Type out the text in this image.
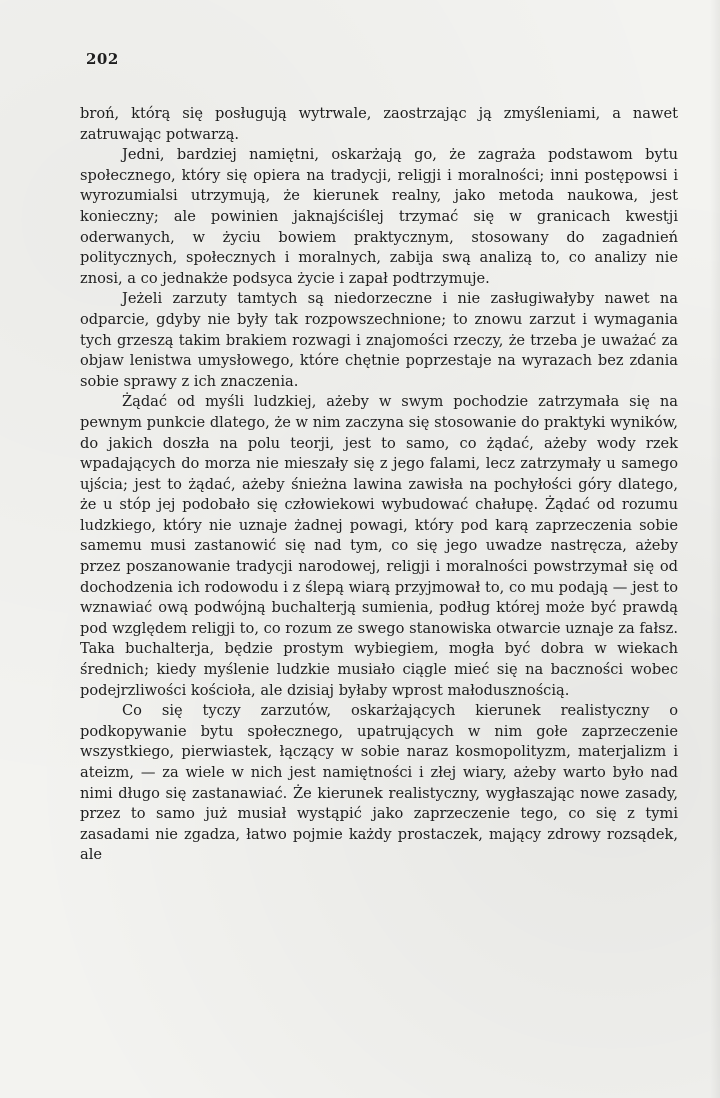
202

broń, którą się posługują wytrwale, zaostrzając ją zmyśleniami, a nawet zatruwając potwarzą.

Jedni, bardziej namiętni, oskarżają go, że zagraża podstawom bytu społecznego, który się opiera na tradycji, religji i moralności; inni postępowsi i wyrozumialsi utrzymują, że kierunek realny, jako metoda naukowa, jest konieczny; ale powinien jaknajściślej trzymać się w granicach kwestji oderwanych, w życiu bowiem praktycznym, stosowany do zagadnień politycznych, społecznych i moralnych, zabija swą analizą to, co analizy nie znosi, a co jednakże podsyca życie i zapał podtrzymuje.

Jeżeli zarzuty tamtych są niedorzeczne i nie zasługiwałyby nawet na odparcie, gdyby nie były tak rozpowszechnione; to znowu zarzut i wymagania tych grzeszą takim brakiem rozwagi i znajomości rzeczy, że trzeba je uważać za objaw lenistwa umysłowego, które chętnie poprzestaje na wyrazach bez zdania sobie sprawy z ich znaczenia.

Żądać od myśli ludzkiej, ażeby w swym pochodzie zatrzymała się na pewnym punkcie dlatego, że w nim zaczyna się stosowanie do praktyki wyników, do jakich doszła na polu teorji, jest to samo, co żądać, ażeby wody rzek wpadających do morza nie mieszały się z jego falami, lecz zatrzymały u samego ujścia; jest to żądać, ażeby śnieżna lawina zawisła na pochyłości góry dlatego, że u stóp jej podobało się człowiekowi wybudować chałupę. Żądać od rozumu ludzkiego, który nie uznaje żadnej powagi, który pod karą zaprzeczenia sobie samemu musi zastanowić się nad tym, co się jego uwadze nastręcza, ażeby przez poszanowanie tradycji narodowej, religji i moralności powstrzymał się od dochodzenia ich rodowodu i z ślepą wiarą przyjmował to, co mu podają — jest to wznawiać ową podwójną buchalterją sumienia, podług której może być prawdą pod względem religji to, co rozum ze swego stanowiska otwarcie uznaje za fałsz. Taka buchalterja, będzie prostym wybiegiem, mogła być dobra w wiekach średnich; kiedy myślenie ludzkie musiało ciągle mieć się na baczności wobec podejrzliwości kościoła, ale dzisiaj byłaby wprost małodusznością.

Co się tyczy zarzutów, oskarżających kierunek realistyczny o podkopywanie bytu społecznego, upatrujących w nim gołe zaprzeczenie wszystkiego, pierwiastek, łączący w sobie naraz kosmopolityzm, materjalizm i ateizm, — za wiele w nich jest namiętności i złej wiary, ażeby warto było nad nimi długo się zastanawiać. Że kierunek realistyczny, wygłaszając nowe zasady, przez to samo już musiał wystąpić jako zaprzeczenie tego, co się z tymi zasadami nie zgadza, łatwo pojmie każdy prostaczek, mający zdrowy rozsądek, ale
